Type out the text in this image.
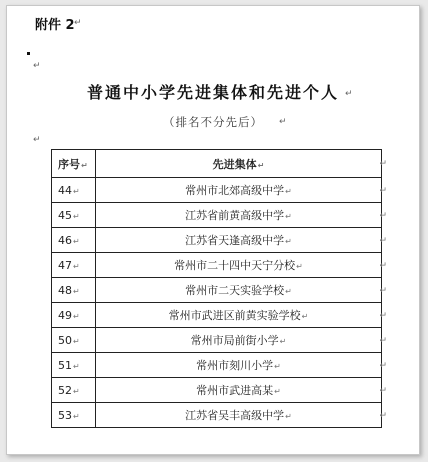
附件 2 ↵
↵
普通中小学先进集体和先进个人 ↵
（排名不分先后）	↵
↵
序号↵	先进集体↵
44↵	常州市北郊高级中学↵
45↵	江苏省前黄高级中学↵
46↵	江苏省天逢高级中学↵
47↵	常州市二十四中天宁分校↵
48↵	常州市二天实验学校↵
49↵	常州市武进区前黄实验学校↵
50↵	常州市局前街小学↵
51↵	常州市刻川小学↵
52↵	常州市武进高某↵
53↵	江苏省吴丰高级中学↵
↵
↵
↵
↵
↵
↵
↵
↵
↵
↵
↵
